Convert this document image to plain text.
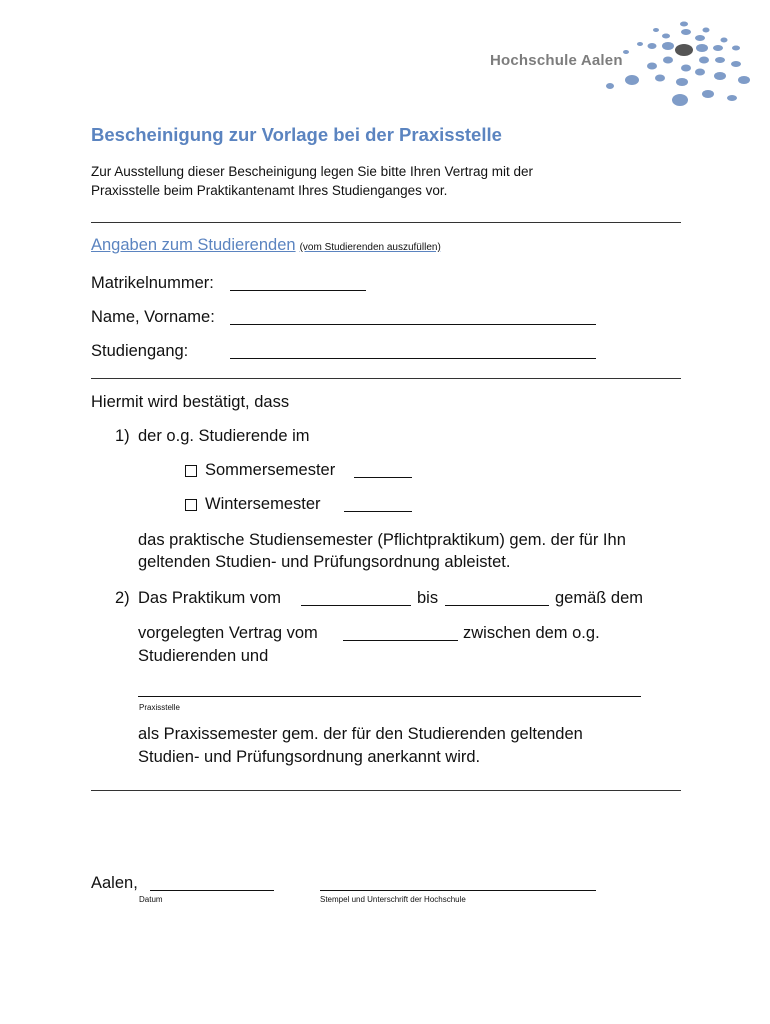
Hochschule Aalen
Bescheinigung zur Vorlage bei der Praxisstelle
Zur Ausstellung dieser Bescheinigung legen Sie bitte Ihren Vertrag mit der
Praxisstelle beim Praktikantenamt Ihres Studienganges vor.
Angaben zum Studierenden (vom Studierenden auszufüllen)
Matrikelnummer:
Name, Vorname:
Studiengang:
Hiermit wird bestätigt, dass
1) der o.g. Studierende im
Sommersemester
Wintersemester
das praktische Studiensemester (Pflichtpraktikum) gem. der für Ihn
geltenden Studien- und Prüfungsordnung ableistet.
2) Das Praktikum vom	bis	gemäß dem
vorgelegten Vertrag vom	zwischen dem o.g.
Studierenden und
Praxisstelle
als Praxissemester gem. der für den Studierenden geltenden
Studien- und Prüfungsordnung anerkannt wird.
Aalen,
Datum	Stempel und Unterschrift der Hochschule
